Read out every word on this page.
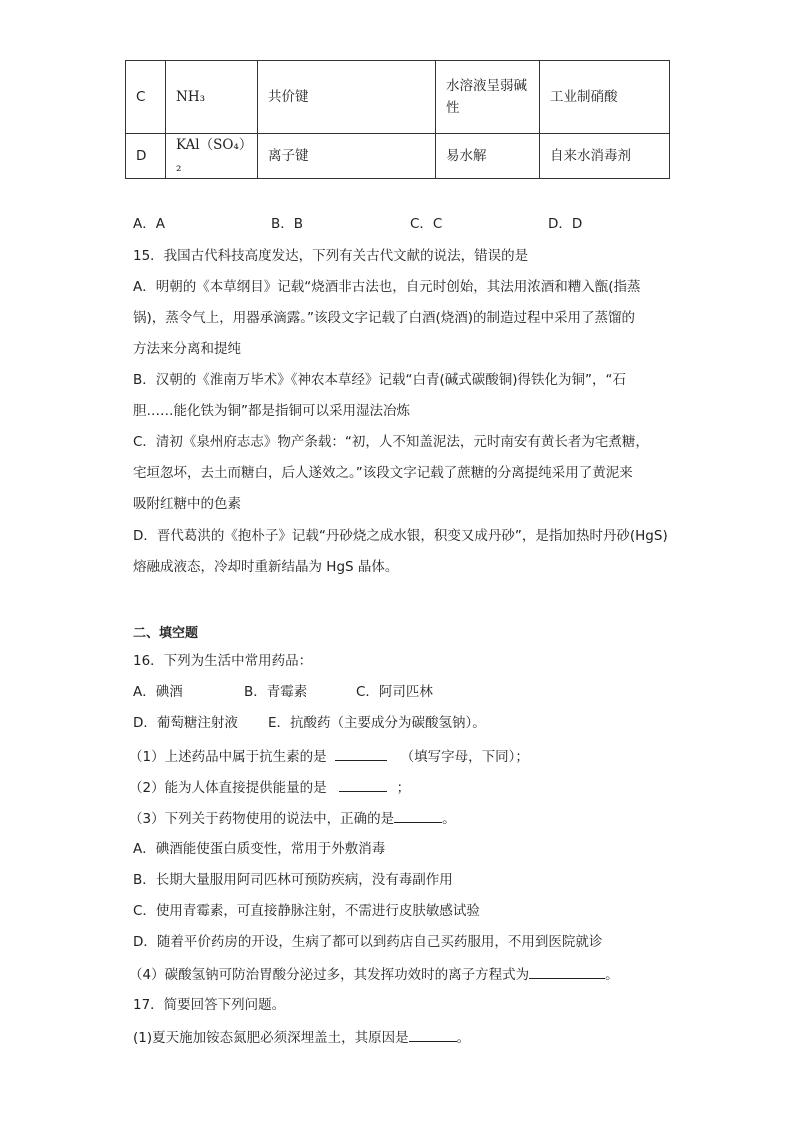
C	NH₃	共价键	水溶液呈弱碱性	工业制硝酸
D	KAl（SO₄）₂	离子键	易水解	自来水消毒剂
A．A	B．B	C．C	D．D
15．我国古代科技高度发达，下列有关古代文献的说法，错误的是
A．明朝的《本草纲目》记载“烧酒非古法也，自元时创始，其法用浓酒和糟入甑(指蒸
锅)，蒸令气上，用器承滴露。”该段文字记载了白酒(烧酒)的制造过程中采用了蒸馏的
方法来分离和提纯
B．汉朝的《淮南万毕术》《神农本草经》记载“白青(碱式碳酸铜)得铁化为铜”，“石
胆……能化铁为铜”都是指铜可以采用湿法冶炼
C．清初《泉州府志志》物产条载：“初，人不知盖泥法，元时南安有黄长者为宅煮糖，
宅垣忽坏，去土而糖白，后人遂效之。”该段文字记载了蔗糖的分离提纯采用了黄泥来
吸附红糖中的色素
D．晋代葛洪的《抱朴子》记载“丹砂烧之成水银，积变又成丹砂”，是指加热时丹砂(HgS)
熔融成液态，冷却时重新结晶为 HgS 晶体。
二、填空题
16．下列为生活中常用药品：
A．碘酒	B．青霉素	C．阿司匹林
D．葡萄糖注射液 E．抗酸药（主要成分为碳酸氢钠）。
（1）上述药品中属于抗生素的是	（填写字母，下同）；
（2）能为人体直接提供能量的是	；
（3）下列关于药物使用的说法中，正确的是	。
A．碘酒能使蛋白质变性，常用于外敷消毒
B．长期大量服用阿司匹林可预防疾病，没有毒副作用
C．使用青霉素，可直接静脉注射，不需进行皮肤敏感试验
D．随着平价药房的开设，生病了都可以到药店自己买药服用，不用到医院就诊
（4）碳酸氢钠可防治胃酸分泌过多，其发挥功效时的离子方程式为	。
17．简要回答下列问题。
(1)夏天施加铵态氮肥必须深埋盖土，其原因是	。
